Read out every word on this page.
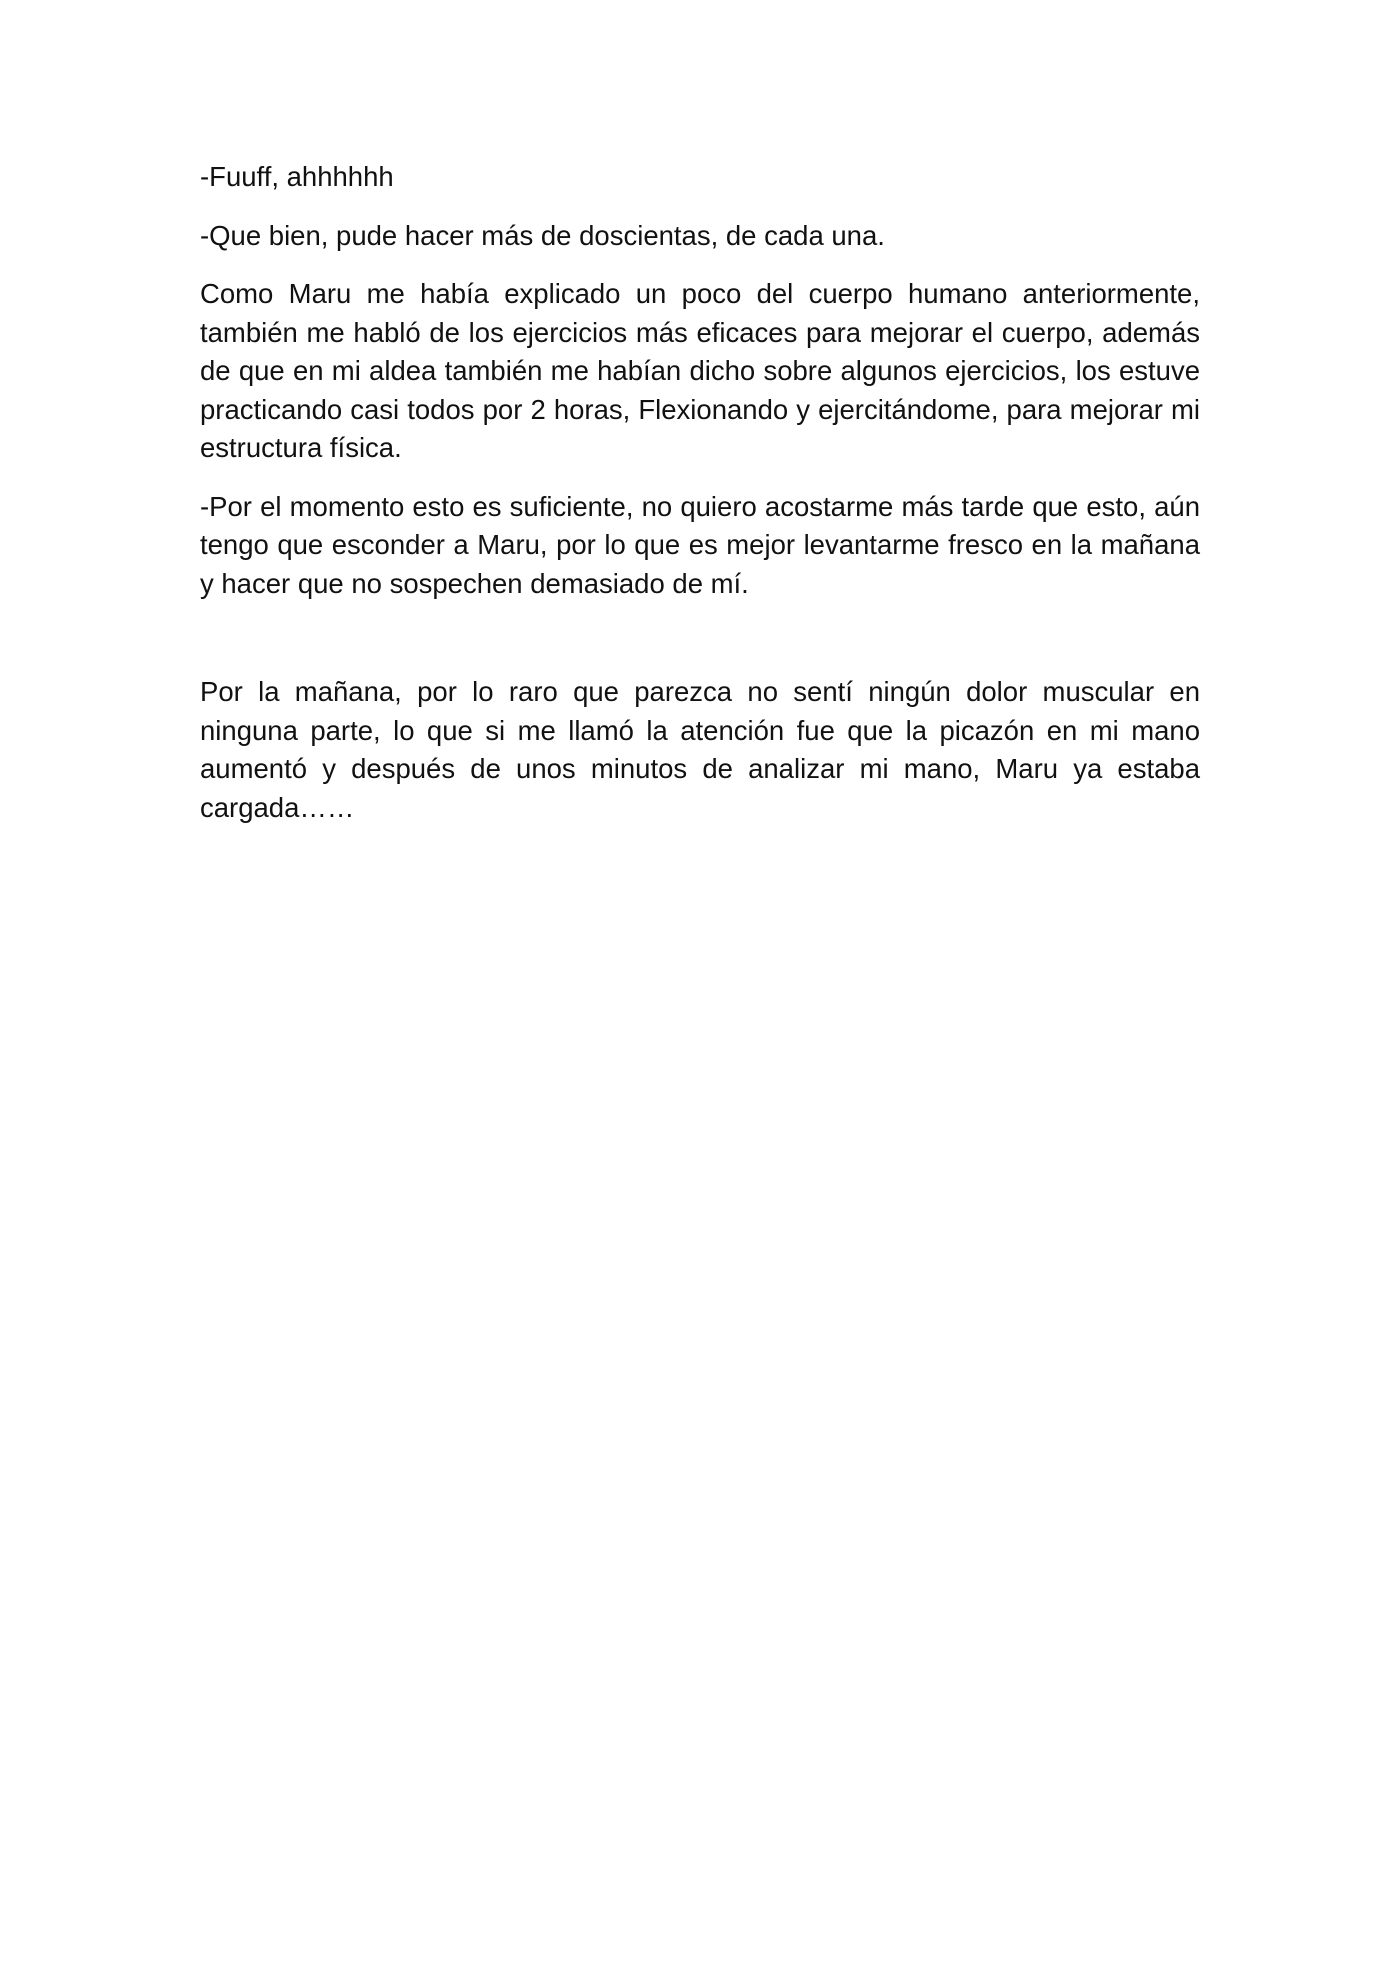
-Fuuff, ahhhhhh

-Que bien, pude hacer más de doscientas, de cada una.

Como Maru me había explicado un poco del cuerpo humano anteriormente, también me habló de los ejercicios más eficaces para mejorar el cuerpo, además de que en mi aldea también me habían dicho sobre algunos ejercicios, los estuve practicando casi todos por 2 horas, Flexionando y ejercitándome, para mejorar mi estructura física.

-Por el momento esto es suficiente, no quiero acostarme más tarde que esto, aún tengo que esconder a Maru, por lo que es mejor levantarme fresco en la mañana y hacer que no sospechen demasiado de mí.

Por la mañana, por lo raro que parezca no sentí ningún dolor muscular en ninguna parte, lo que si me llamó la atención fue que la picazón en mi mano aumentó y después de unos minutos de analizar mi mano, Maru ya estaba cargada……
